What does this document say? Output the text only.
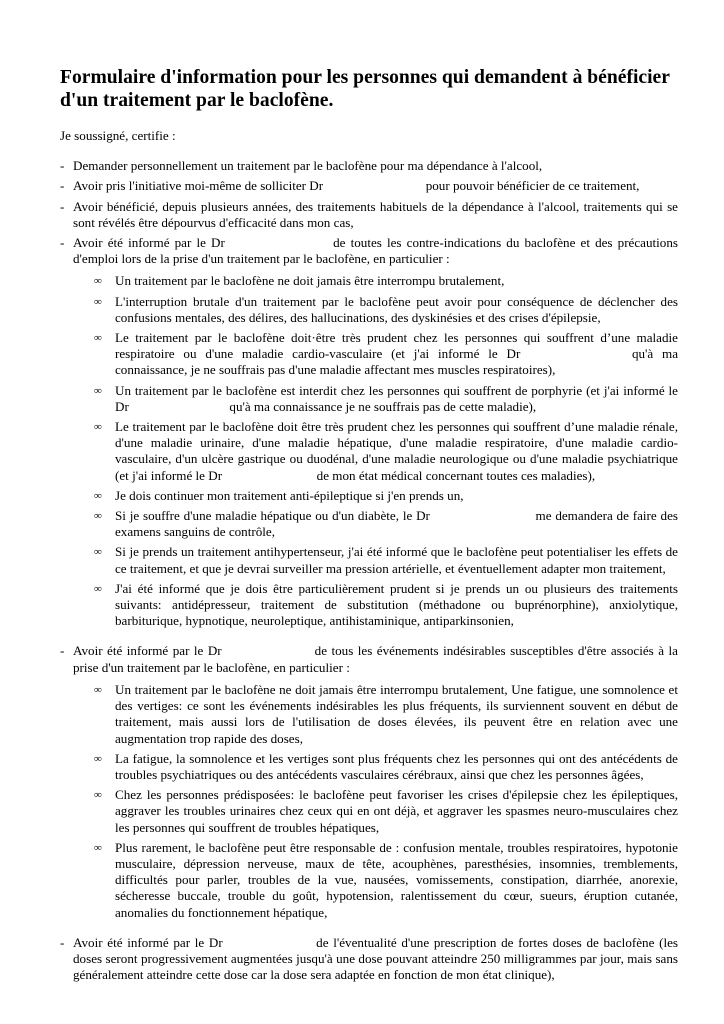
Formulaire d'information pour les personnes qui demandent à bénéficier d'un traitement par le baclofène.

Je soussigné, certifie :

- Demander personnellement un traitement par le baclofène pour ma dépendance à l'alcool,
- Avoir pris l'initiative moi-même de solliciter Dr	pour pouvoir bénéficier de ce traitement,
- Avoir bénéficié, depuis plusieurs années, des traitements habituels de la dépendance à l'alcool, traitements qui se sont révélés être dépourvus d'efficacité dans mon cas,
- Avoir été informé par le Dr	de toutes les contre-indications du baclofène et des précautions d'emploi lors de la prise d'un traitement par le baclofène, en particulier :
∞ Un traitement par le baclofène ne doit jamais être interrompu brutalement,
∞ L'interruption brutale d'un traitement par le baclofène peut avoir pour conséquence de déclencher des confusions mentales, des délires, des hallucinations, des dyskinésies et des crises d'épilepsie,
∞ Le traitement par le baclofène doit·être très prudent chez les personnes qui souffrent d’une maladie respiratoire ou d'une maladie cardio-vasculaire (et j'ai informé le Dr	qu'à ma connaissance, je ne souffrais pas d'une maladie affectant mes muscles respiratoires),
∞ Un traitement par le baclofène est interdit chez les personnes qui souffrent de porphyrie (et j'ai informé le Dr	qu'à ma connaissance je ne souffrais pas de cette maladie),
∞ Le traitement par le baclofène doit être très prudent chez les personnes qui souffrent d’une maladie rénale, d'une maladie urinaire, d'une maladie hépatique, d'une maladie respiratoire, d'une maladie cardio-vasculaire, d'un ulcère gastrique ou duodénal, d'une maladie neurologique ou d'une maladie psychiatrique (et j'ai informé le Dr	de mon état médical concernant toutes ces maladies),
∞ Je dois continuer mon traitement anti-épileptique si j'en prends un,
∞ Si je souffre d'une maladie hépatique ou d'un diabète, le Dr	me demandera de faire des examens sanguins de contrôle,
∞ Si je prends un traitement antihypertenseur, j'ai été informé que le baclofène peut potentialiser les effets de ce traitement, et que je devrai surveiller ma pression artérielle, et éventuellement adapter mon traitement,
∞ J'ai été informé que je dois être particulièrement prudent si je prends un ou plusieurs des traitements suivants: antidépresseur, traitement de substitution (méthadone ou buprénorphine), anxiolytique, barbiturique, hypnotique, neuroleptique, antihistaminique, antiparkinsonien,
- Avoir été informé par le Dr	de tous les événements indésirables susceptibles d'être associés à la prise d'un traitement par le baclofène, en particulier :
∞ Un traitement par le baclofène ne doit jamais être interrompu brutalement, Une fatigue, une somnolence et des vertiges: ce sont les événements indésirables les plus fréquents, ils surviennent souvent en début de traitement, mais aussi lors de l'utilisation de doses élevées, ils peuvent être en relation avec une augmentation trop rapide des doses,
∞ La fatigue, la somnolence et les vertiges sont plus fréquents chez les personnes qui ont des antécédents de troubles psychiatriques ou des antécédents vasculaires cérébraux, ainsi que chez les personnes âgées,
∞ Chez les personnes prédisposées: le baclofène peut favoriser les crises d'épilepsie chez les épileptiques, aggraver les troubles urinaires chez ceux qui en ont déjà, et aggraver les spasmes neuro-musculaires chez les personnes qui souffrent de troubles hépatiques,
∞ Plus rarement, le baclofène peut être responsable de : confusion mentale, troubles respiratoires, hypotonie musculaire, dépression nerveuse, maux de tête, acouphènes, paresthésies, insomnies, tremblements, difficultés pour parler, troubles de la vue, nausées, vomissements, constipation, diarrhée, anorexie, sécheresse buccale, trouble du goût, hypotension, ralentissement du cœur, sueurs, éruption cutanée, anomalies du fonctionnement hépatique,
- Avoir été informé par le Dr	de l'éventualité d'une prescription de fortes doses de baclofène (les doses seront progressivement augmentées jusqu'à une dose pouvant atteindre 250 milligrammes par jour, mais sans généralement atteindre cette dose car la dose sera adaptée en fonction de mon état clinique),
